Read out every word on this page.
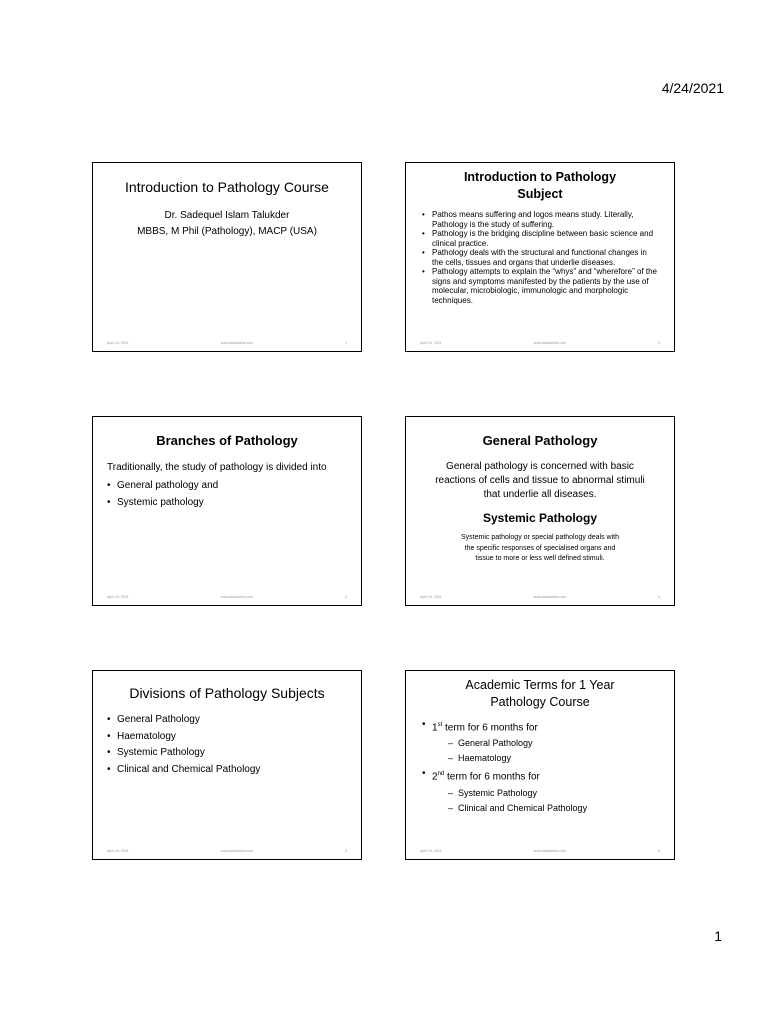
4/24/2021
Introduction to Pathology Course
Dr. Sadequel Islam Talukder
MBBS, M Phil (Pathology), MACP (USA)
April 24, 2021	www.talukderbd.com	1
Introduction to Pathology Subject
• Pathos means suffering and logos means study. Literally, Pathology is the study of suffering.
• Pathology is the bridging discipline between basic science and clinical practice.
• Pathology deals with the structural and functional changes in the cells, tissues and organs that underlie diseases.
• Pathology attempts to explain the “whys” and “wherefore” of the signs and symptoms manifested by the patients by the use of molecular, microbiologic, immunologic and morphologic techniques.
April 24, 2021	www.talukderbd.com	2
Branches of Pathology
Traditionally, the study of pathology is divided into
• General pathology and
• Systemic pathology
April 24, 2021	www.talukderbd.com	3
General Pathology
General pathology is concerned with basic reactions of cells and tissue to abnormal stimuli that underlie all diseases.
Systemic Pathology
Systemic pathology or special pathology deals with the specific responses of specialised organs and tissue to more or less well defined stimuli.
April 24, 2021	www.talukderbd.com	4
Divisions of Pathology Subjects
• General Pathology
• Haematology
• Systemic Pathology
• Clinical and Chemical Pathology
April 24, 2021	www.talukderbd.com	5
Academic Terms for 1 Year Pathology Course
• 1st term for 6 months for
– General Pathology
– Haematology
• 2nd term for 6 months for
– Systemic Pathology
– Clinical and Chemical Pathology
April 24, 2021	www.talukderbd.com	6
1
